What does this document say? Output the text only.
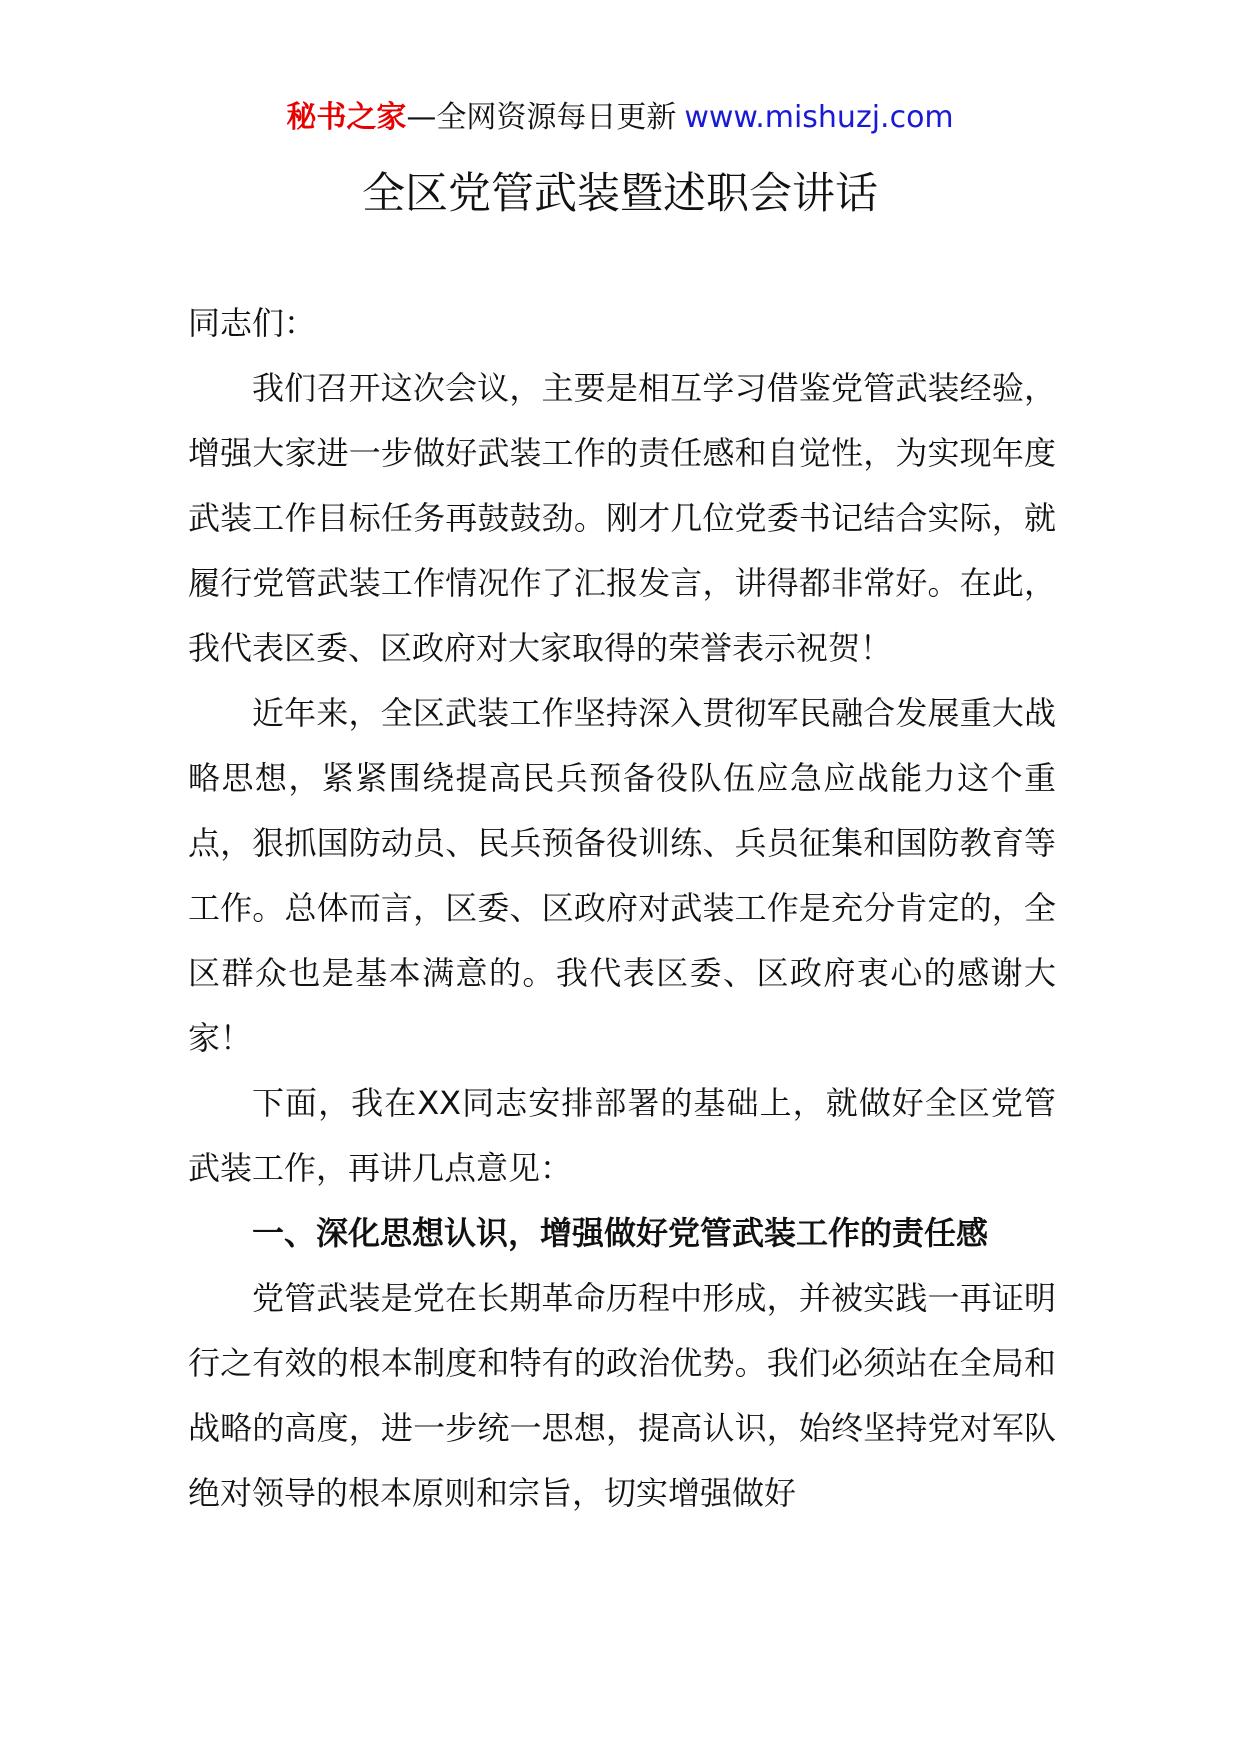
秘书之家—全网资源每日更新 www.mishuzj.com
全区党管武装暨述职会讲话

同志们：

我们召开这次会议，主要是相互学习借鉴党管武装经验，增强大家进一步做好武装工作的责任感和自觉性，为实现年度武装工作目标任务再鼓鼓劲。刚才几位党委书记结合实际，就履行党管武装工作情况作了汇报发言，讲得都非常好。在此，我代表区委、区政府对大家取得的荣誉表示祝贺！

近年来，全区武装工作坚持深入贯彻军民融合发展重大战略思想，紧紧围绕提高民兵预备役队伍应急应战能力这个重点，狠抓国防动员、民兵预备役训练、兵员征集和国防教育等工作。总体而言，区委、区政府对武装工作是充分肯定的，全区群众也是基本满意的。我代表区委、区政府衷心的感谢大家！

下面，我在XX同志安排部署的基础上，就做好全区党管武装工作，再讲几点意见：

一、深化思想认识，增强做好党管武装工作的责任感

党管武装是党在长期革命历程中形成，并被实践一再证明行之有效的根本制度和特有的政治优势。我们必须站在全局和战略的高度，进一步统一思想，提高认识，始终坚持党对军队绝对领导的根本原则和宗旨，切实增强做好
